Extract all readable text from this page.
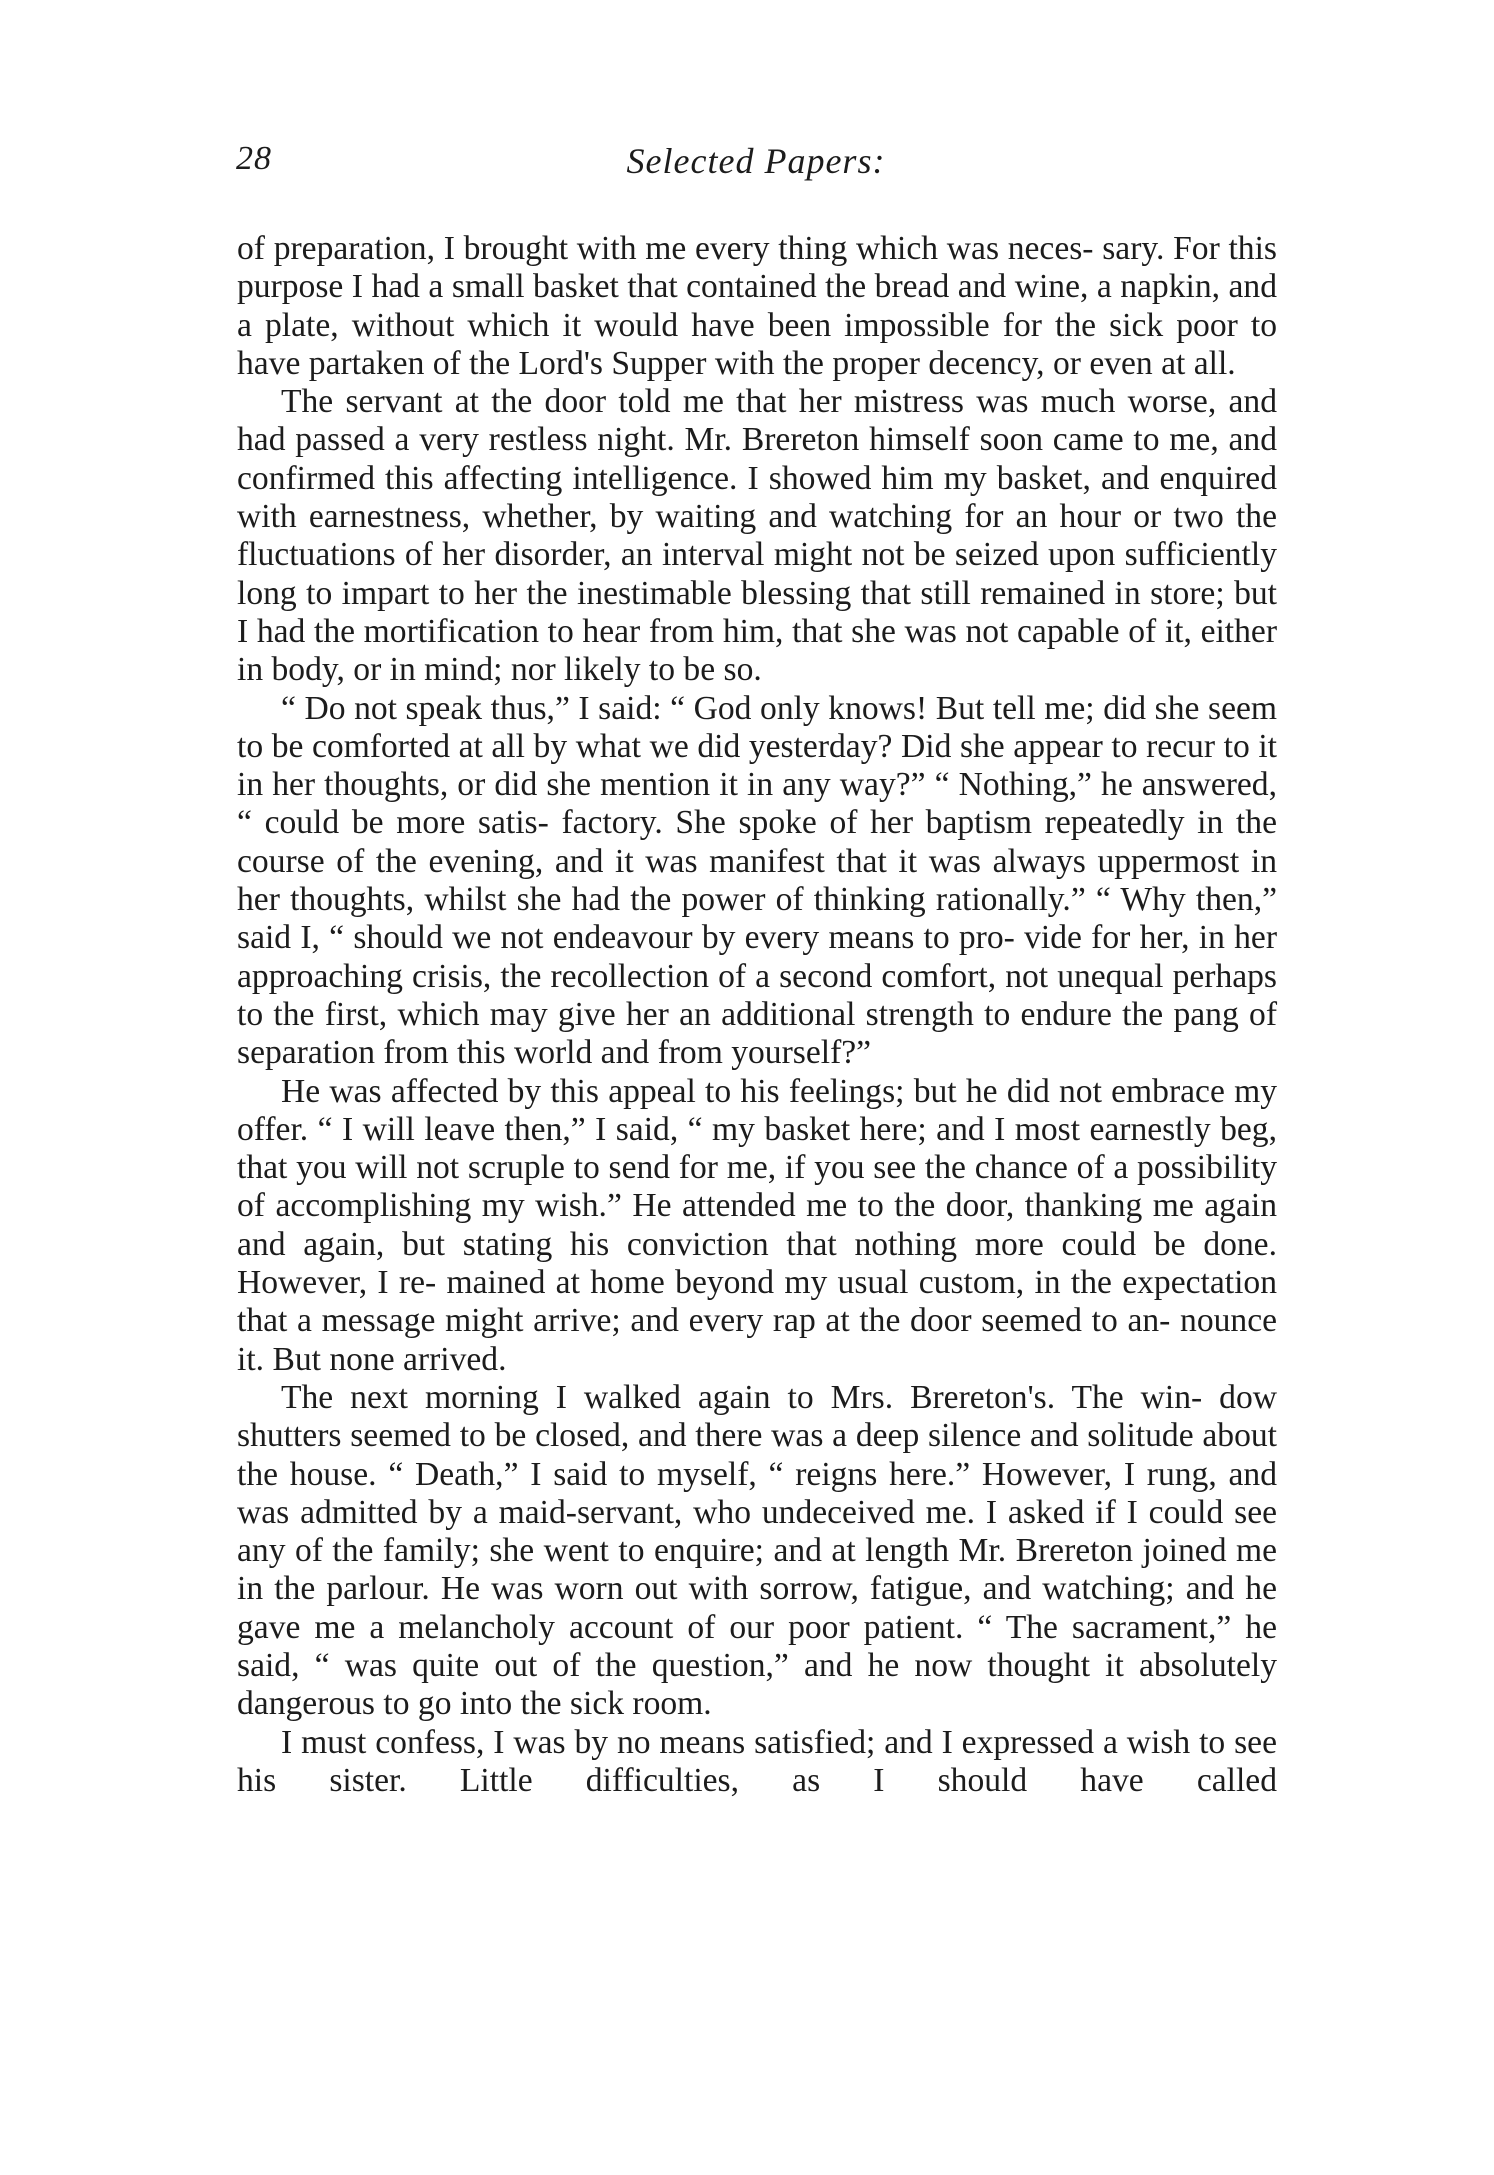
28	Selected Papers:

of preparation, I brought with me every thing which was neces- sary. For this purpose I had a small basket that contained the bread and wine, a napkin, and a plate, without which it would have been impossible for the sick poor to have partaken of the Lord's Supper with the proper decency, or even at all.

The servant at the door told me that her mistress was much worse, and had passed a very restless night. Mr. Brereton himself soon came to me, and confirmed this affecting intelligence. I showed him my basket, and enquired with earnestness, whether, by waiting and watching for an hour or two the fluctuations of her disorder, an interval might not be seized upon sufficiently long to impart to her the inestimable blessing that still remained in store; but I had the mortification to hear from him, that she was not capable of it, either in body, or in mind; nor likely to be so.

“ Do not speak thus,” I said: “ God only knows! But tell me; did she seem to be comforted at all by what we did yesterday? Did she appear to recur to it in her thoughts, or did she mention it in any way?” “ Nothing,” he answered, “ could be more satis- factory. She spoke of her baptism repeatedly in the course of the evening, and it was manifest that it was always uppermost in her thoughts, whilst she had the power of thinking rationally.” “ Why then,” said I, “ should we not endeavour by every means to pro- vide for her, in her approaching crisis, the recollection of a second comfort, not unequal perhaps to the first, which may give her an additional strength to endure the pang of separation from this world and from yourself?”

He was affected by this appeal to his feelings; but he did not embrace my offer. “ I will leave then,” I said, “ my basket here; and I most earnestly beg, that you will not scruple to send for me, if you see the chance of a possibility of accomplishing my wish.” He attended me to the door, thanking me again and again, but stating his conviction that nothing more could be done. However, I re- mained at home beyond my usual custom, in the expectation that a message might arrive; and every rap at the door seemed to an- nounce it. But none arrived.

The next morning I walked again to Mrs. Brereton's. The win- dow shutters seemed to be closed, and there was a deep silence and solitude about the house. “ Death,” I said to myself, “ reigns here.” However, I rung, and was admitted by a maid-servant, who undeceived me. I asked if I could see any of the family; she went to enquire; and at length Mr. Brereton joined me in the parlour. He was worn out with sorrow, fatigue, and watching; and he gave me a melancholy account of our poor patient. “ The sacrament,” he said, “ was quite out of the question,” and he now thought it absolutely dangerous to go into the sick room.

I must confess, I was by no means satisfied; and I expressed a wish to see his sister. Little difficulties, as I should have called
